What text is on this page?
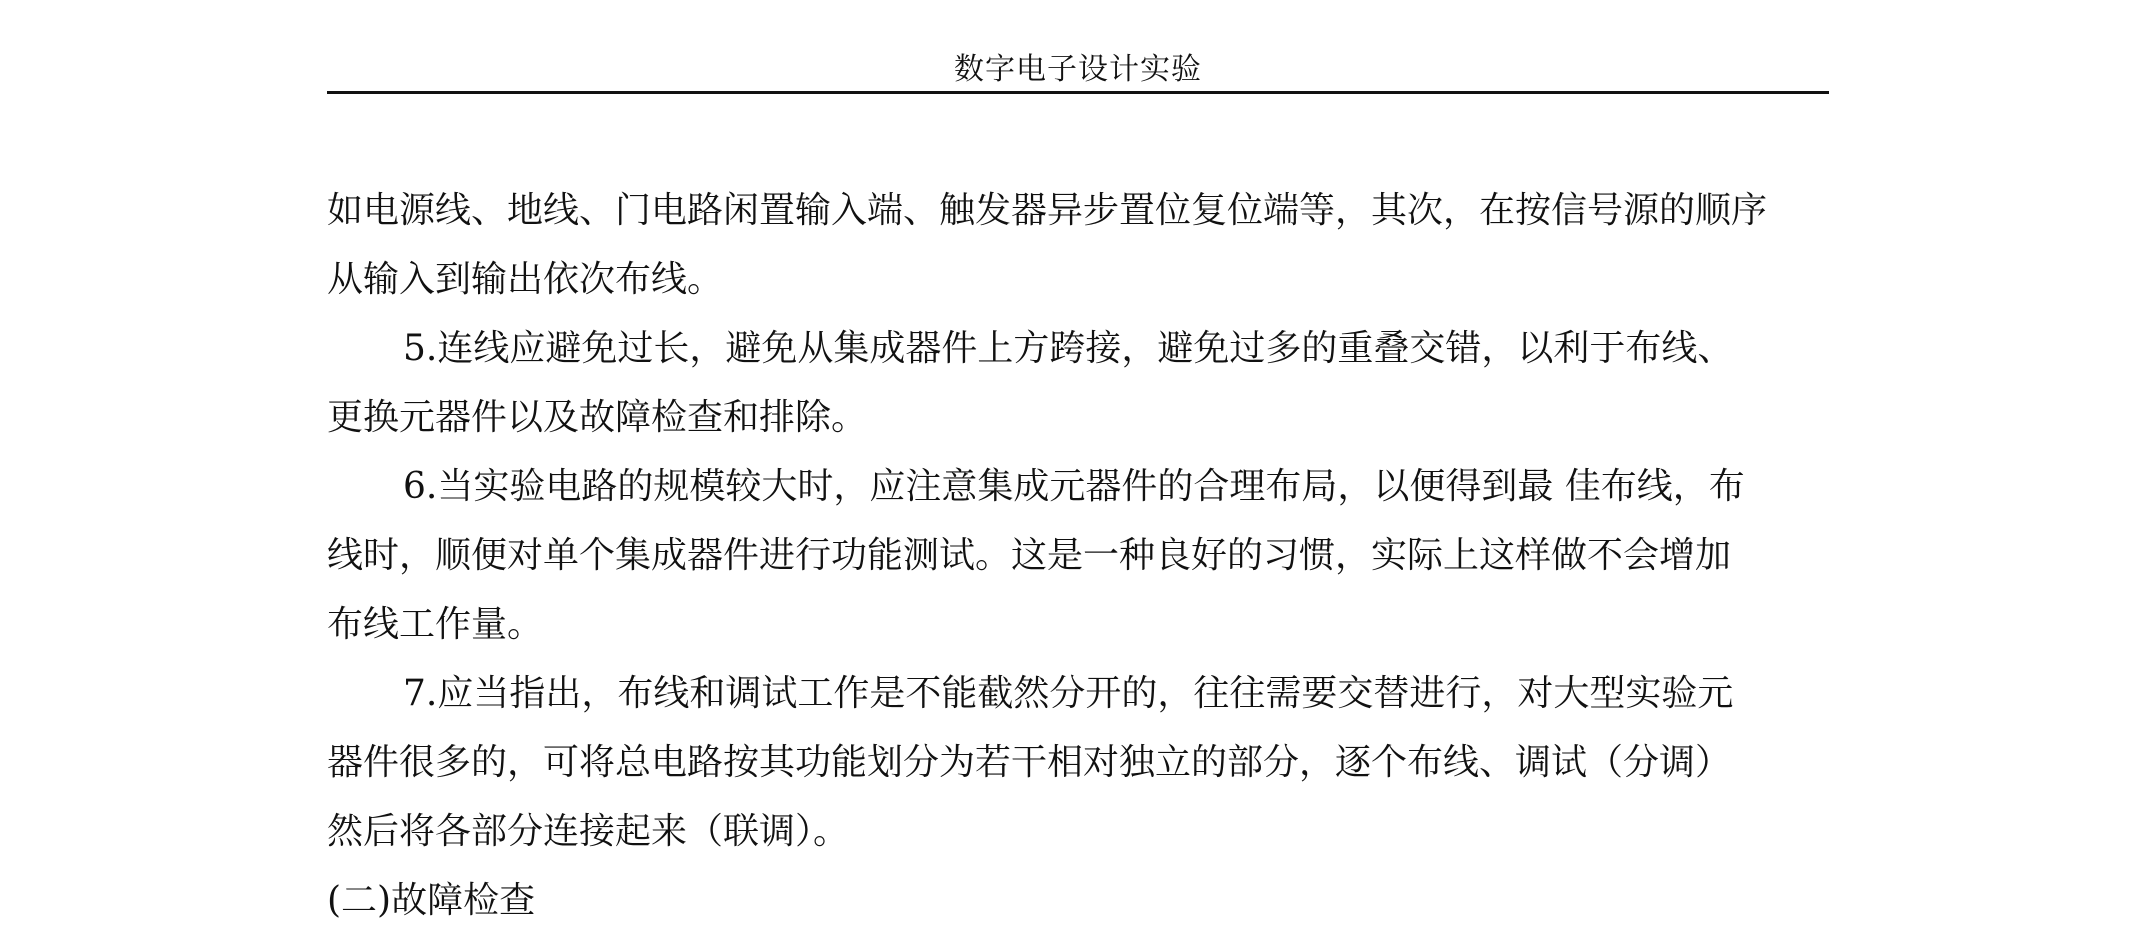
数字电子设计实验
如电源线、地线、门电路闲置输入端、触发器异步置位复位端等，其次，在按信号源的顺序
从输入到输出依次布线。
5.连线应避免过长，避免从集成器件上方跨接，避免过多的重叠交错，以利于布线、
更换元器件以及故障检查和排除。
6.当实验电路的规模较大时，应注意集成元器件的合理布局，以便得到最 佳布线，布
线时，顺便对单个集成器件进行功能测试。这是一种良好的习惯，实际上这样做不会增加
布线工作量。
7.应当指出，布线和调试工作是不能截然分开的，往往需要交替进行，对大型实验元
器件很多的，可将总电路按其功能划分为若干相对独立的部分，逐个布线、调试（分调）
然后将各部分连接起来（联调）。
(二)故障检查
